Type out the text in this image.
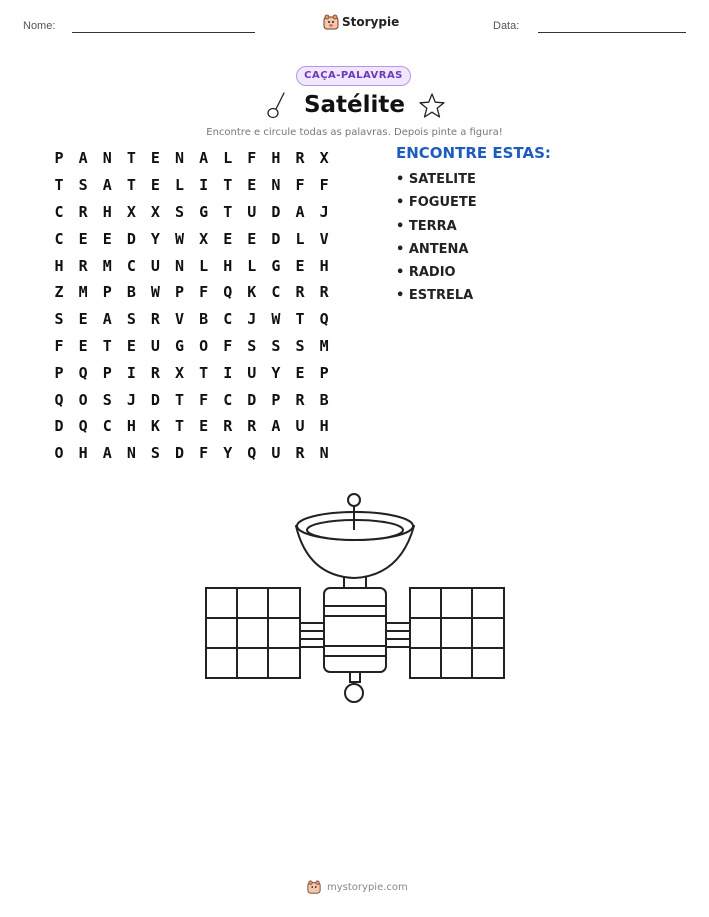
Nome:	Storypie	Data:
CAÇA-PALAVRAS
Satélite
Encontre e circule todas as palavras. Depois pinte a figura!
P	A	N	T	E	N	A	L	F	H	R	X
T	S	A	T	E	L	I	T	E	N	F	F
C	R	H	X	X	S	G	T	U	D	A	J
C	E	E	D	Y	W	X	E	E	D	L	V
H	R	M	C	U	N	L	H	L	G	E	H
Z	M	P	B	W	P	F	Q	K	C	R	R
S	E	A	S	R	V	B	C	J	W	T	Q
F	E	T	E	U	G	O	F	S	S	S	M
P	Q	P	I	R	X	T	I	U	Y	E	P
Q	O	S	J	D	T	F	C	D	P	R	B
D	Q	C	H	K	T	E	R	R	A	U	H
O	H	A	N	S	D	F	Y	Q	U	R	N
ENCONTRE ESTAS:
• SATELITE
• FOGUETE
• TERRA
• ANTENA
• RADIO
• ESTRELA
mystorypie.com
